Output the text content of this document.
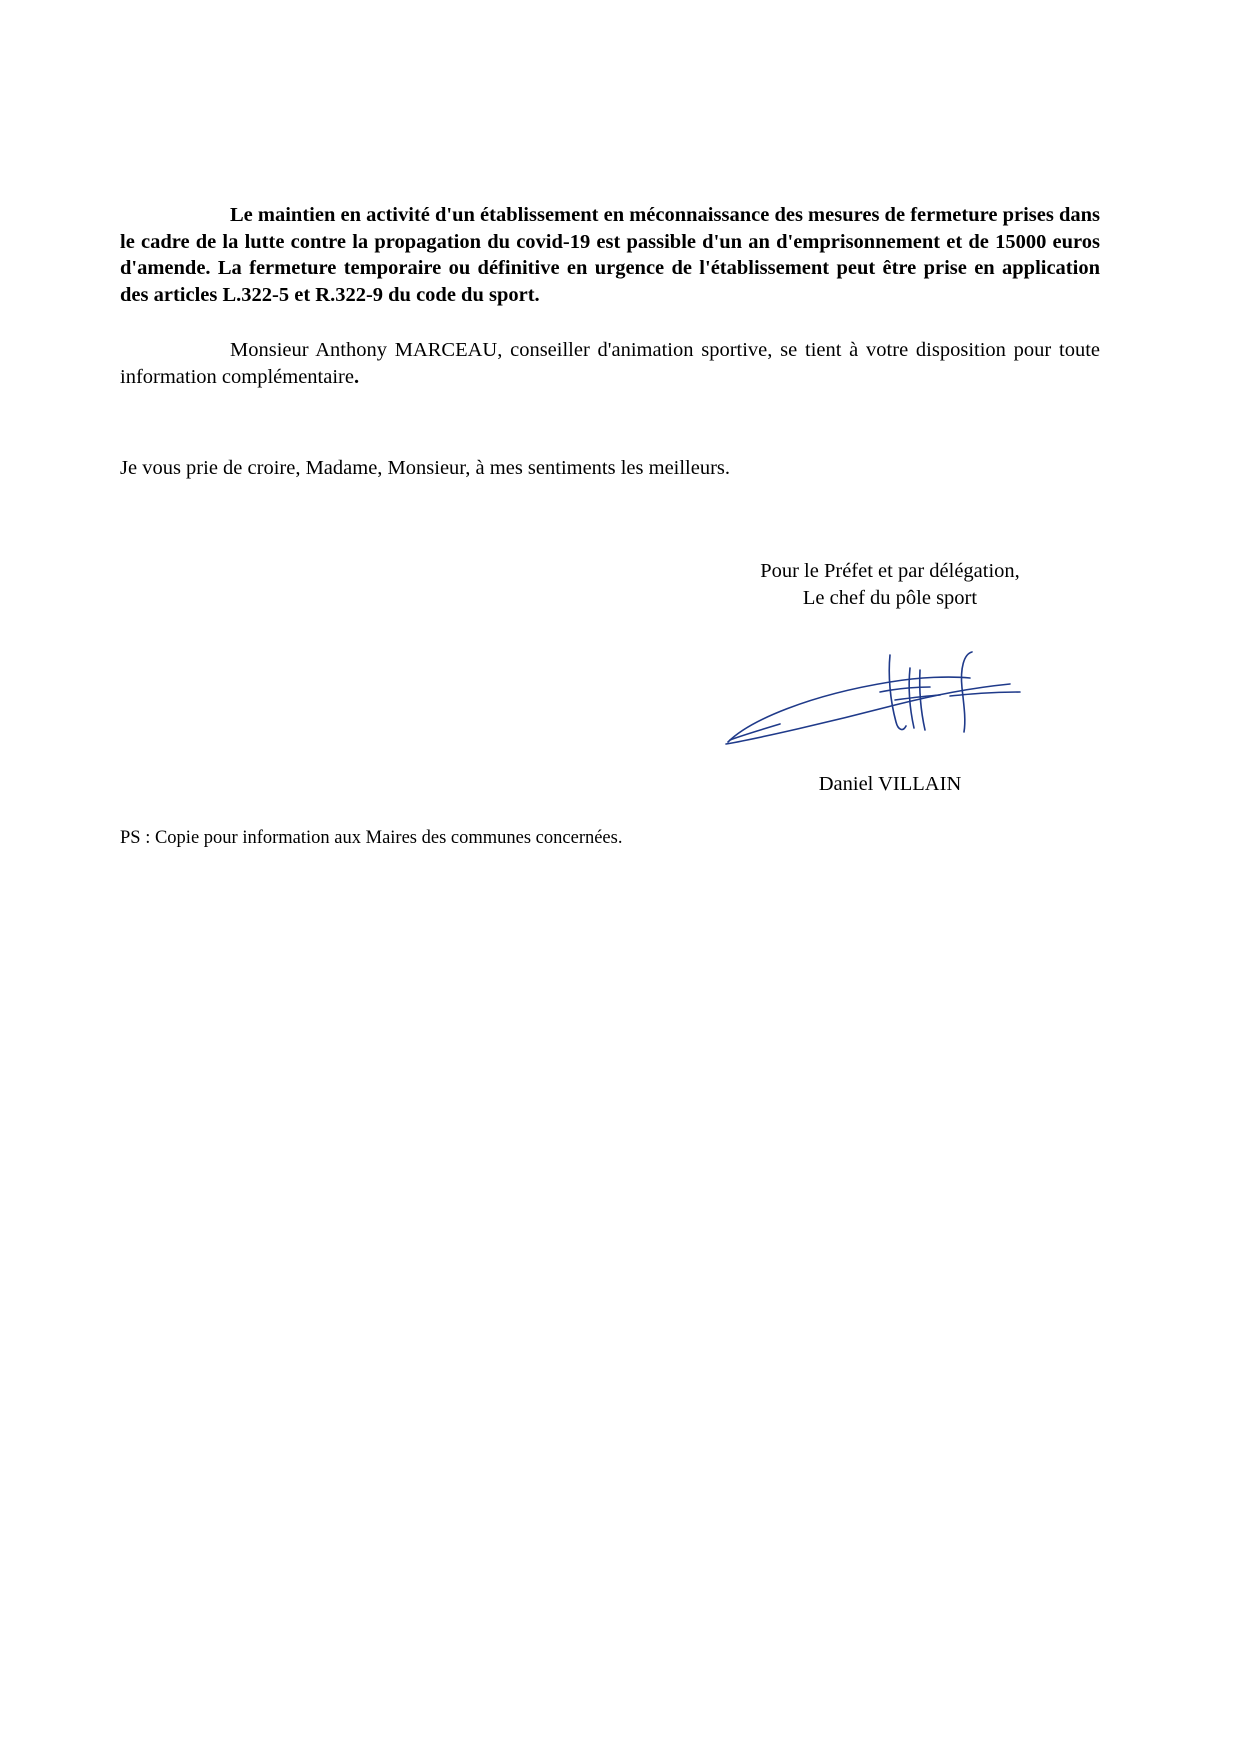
Le maintien en activité d'un établissement en méconnaissance des mesures de fermeture prises dans le cadre de la lutte contre la propagation du covid-19 est passible d'un an d'emprisonnement et de 15000 euros d'amende. La fermeture temporaire ou définitive en urgence de l'établissement peut être prise en application des articles L.322-5 et R.322-9 du code du sport.

Monsieur Anthony MARCEAU, conseiller d'animation sportive, se tient à votre disposition pour toute information complémentaire.

Je vous prie de croire, Madame, Monsieur, à mes sentiments les meilleurs.

Pour le Préfet et par délégation,
Le chef du pôle sport
Daniel VILLAIN

PS : Copie pour information aux Maires des communes concernées.
